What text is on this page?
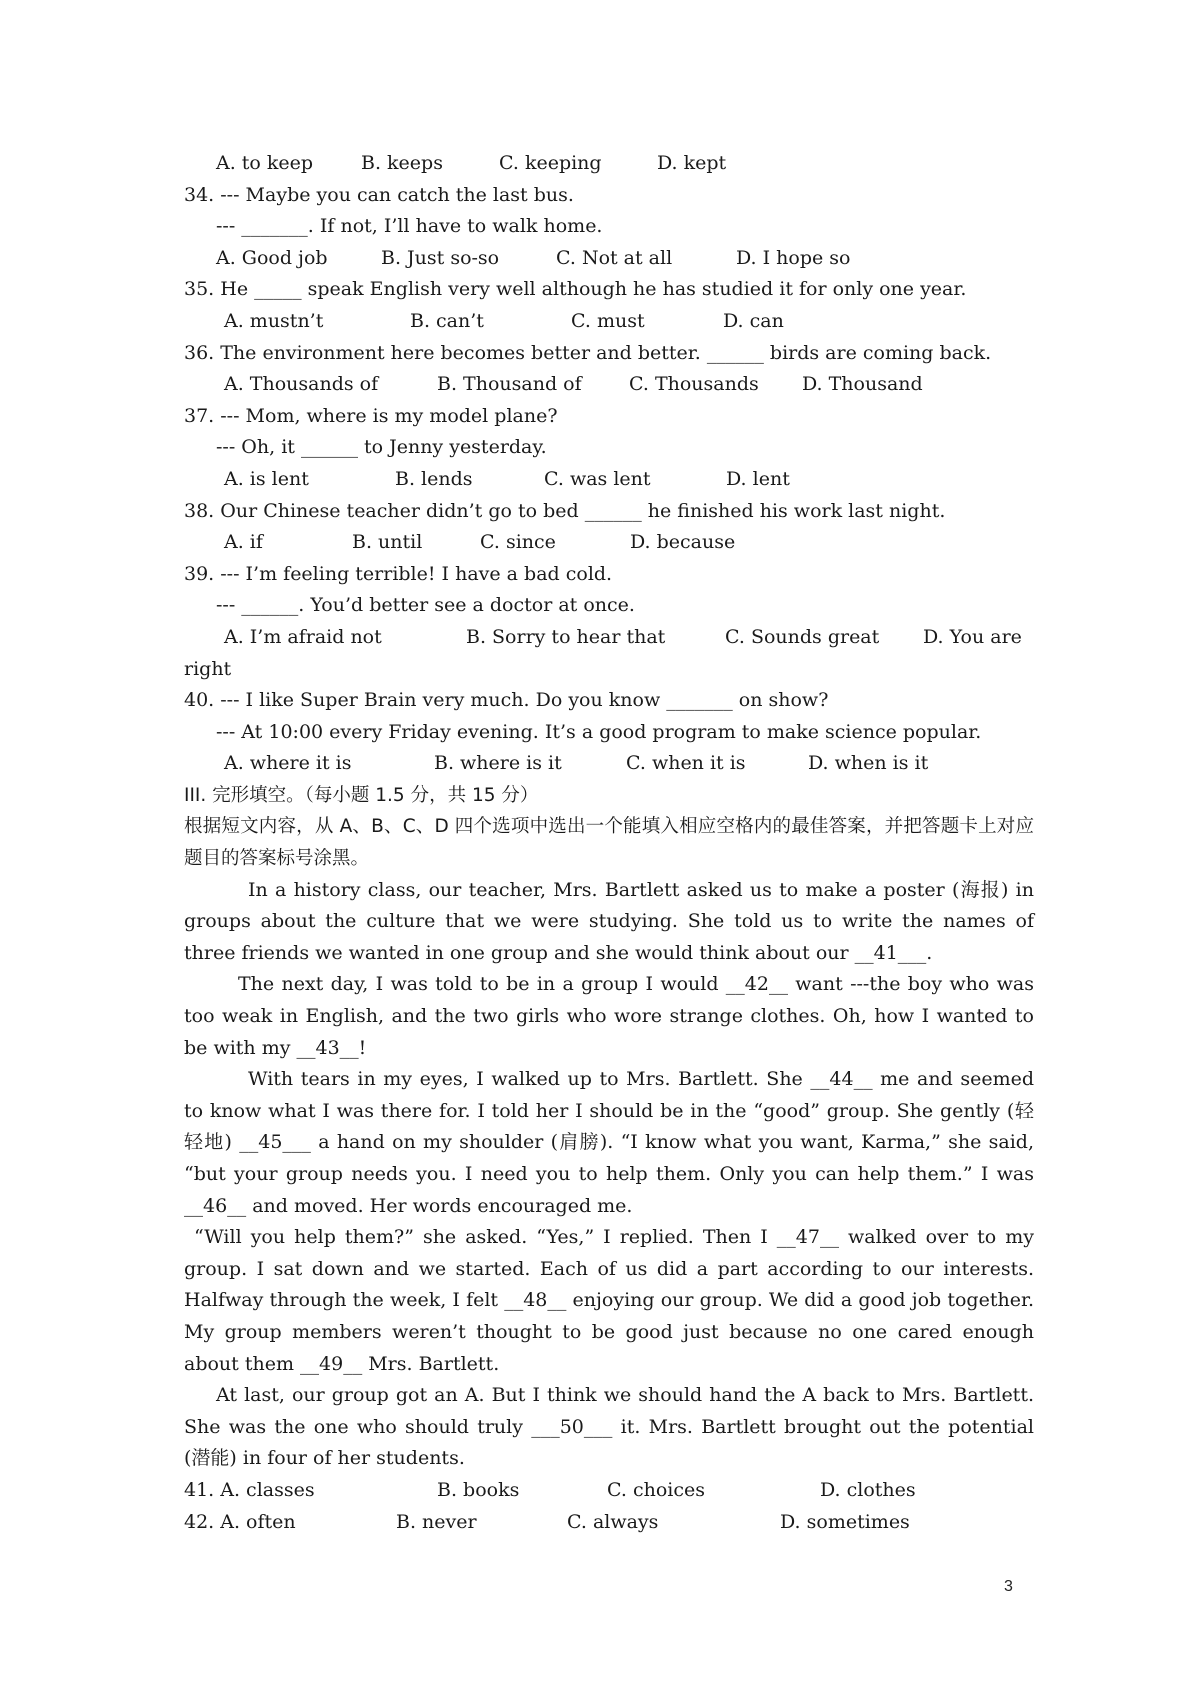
A. to keep	B. keeps	C. keeping	D. kept
34. --- Maybe you can catch the last bus.
--- _______. If not, I’ll have to walk home.
A. Good job	B. Just so-so	C. Not at all	D. I hope so
35. He _____ speak English very well although he has studied it for only one year.
A. mustn’t	B. can’t	C. must	D. can
36. The environment here becomes better and better. ______ birds are coming back.
A. Thousands of	B. Thousand of C. Thousands D. Thousand
37. --- Mom, where is my model plane?
--- Oh, it ______ to Jenny yesterday.
A. is lent	B. lends	C. was lent	D. lent
38. Our Chinese teacher didn’t go to bed ______ he finished his work last night.
A. if	B. until	C. since	D. because
39. --- I’m feeling terrible! I have a bad cold.
--- ______. You’d better see a doctor at once.
A. I’m afraid not	B. Sorry to hear that	C. Sounds great D. You are
right
40. --- I like Super Brain very much. Do you know _______ on show?
--- At 10:00 every Friday evening. It’s a good program to make science popular.
A. where it is	B. where is it	C. when it is	D. when is it
III. 完形填空。（每小题 1.5 分，共 15 分）
根据短文内容，从 A、B、C、D 四个选项中选出一个能填入相应空格内的最佳答案，并把答题卡上对应题目的答案标号涂黑。
In a history class, our teacher, Mrs. Bartlett asked us to make a poster (海报) in groups about the culture that we were studying. She told us to write the names of three friends we wanted in one group and she would think about our __41___.
The next day, I was told to be in a group I would __42__ want ---the boy who was too weak in English, and the two girls who wore strange clothes. Oh, how I wanted to be with my __43__!
With tears in my eyes, I walked up to Mrs. Bartlett. She __44__ me and seemed to know what I was there for. I told her I should be in the “good” group. She gently (轻轻地) __45___ a hand on my shoulder (肩膀). “I know what you want, Karma,” she said, “but your group needs you. I need you to help them. Only you can help them.” I was __46__ and moved. Her words encouraged me.
“Will you help them?” she asked. “Yes,” I replied. Then I __47__ walked over to my group. I sat down and we started. Each of us did a part according to our interests. Halfway through the week, I felt __48__ enjoying our group. We did a good job together. My group members weren’t thought to be good just because no one cared enough about them __49__ Mrs. Bartlett.
At last, our group got an A. But I think we should hand the A back to Mrs. Bartlett. She was the one who should truly ___50___ it. Mrs. Bartlett brought out the potential (潜能) in four of her students.
41. A. classes	B. books	C. choices	D. clothes
42. A. often	B. never	C. always	D. sometimes
3
